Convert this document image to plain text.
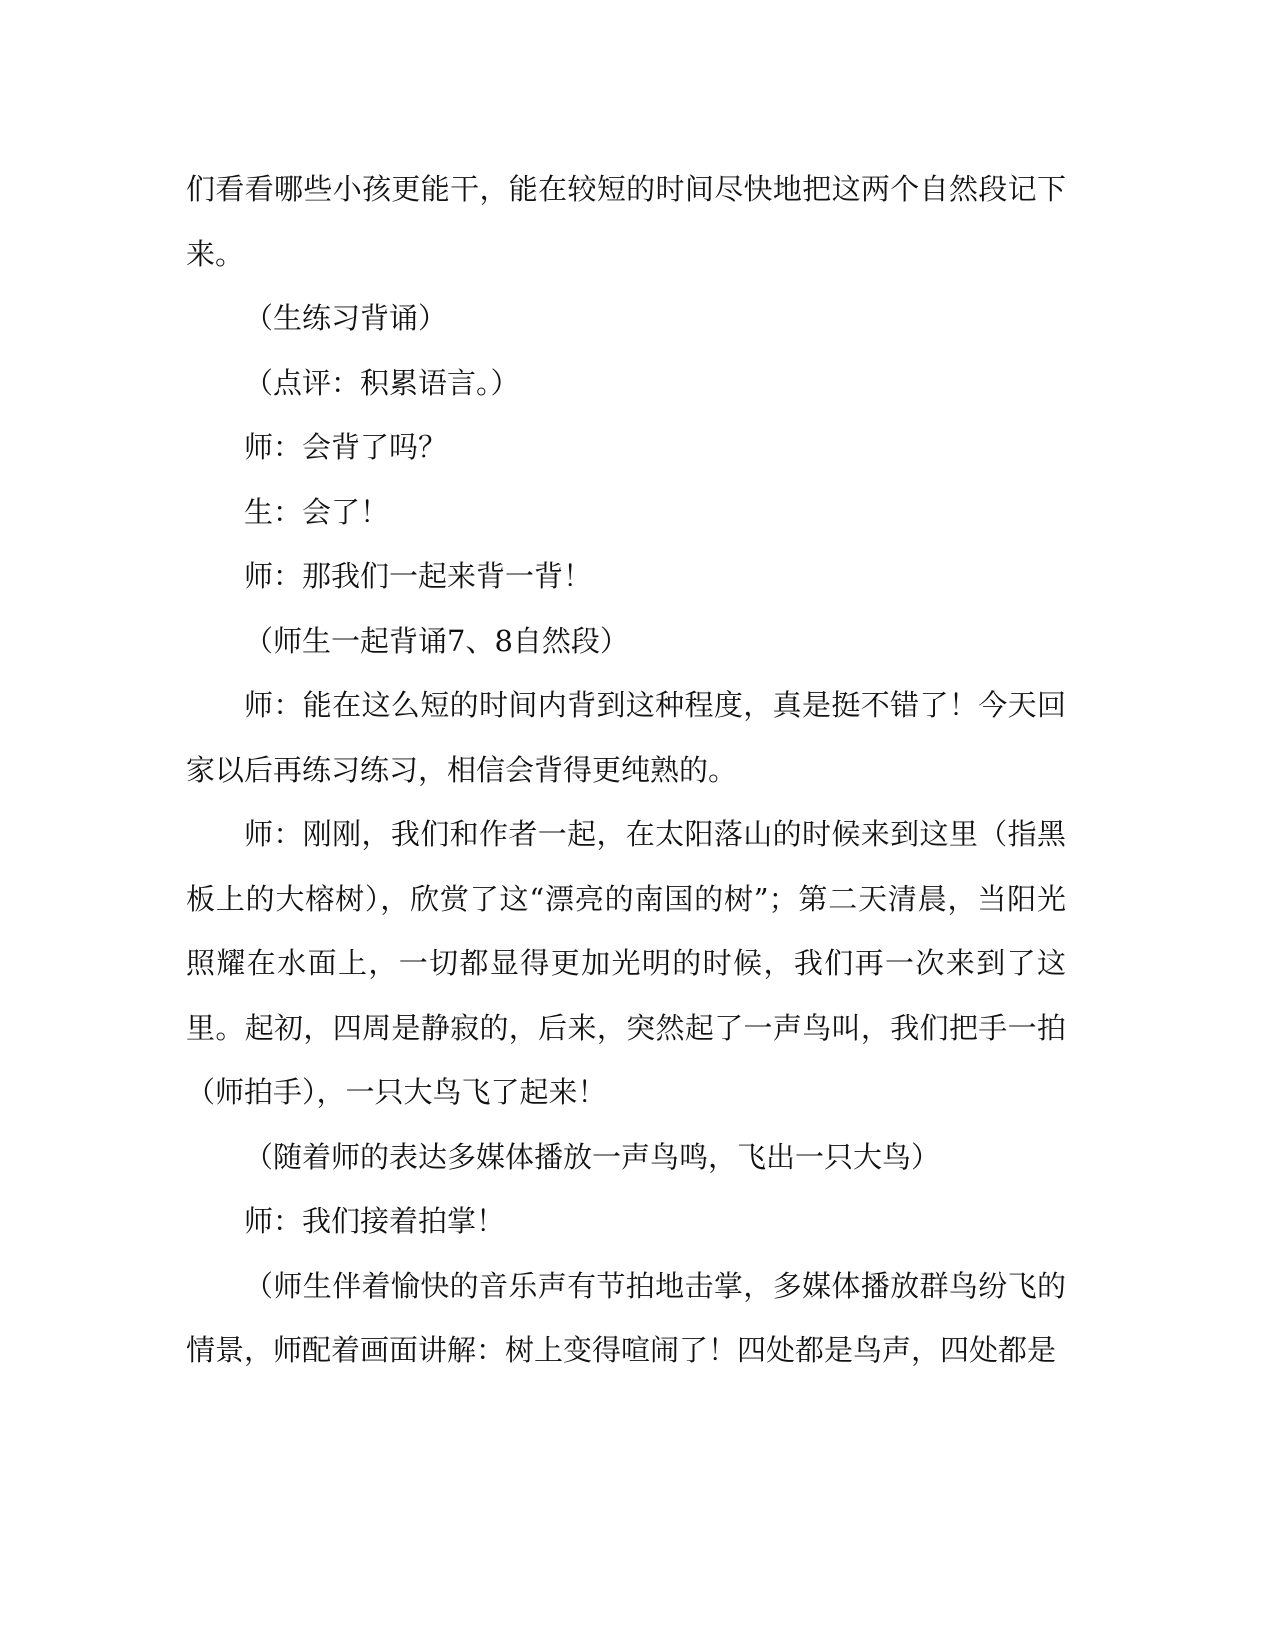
们看看哪些小孩更能干，能在较短的时间尽快地把这两个自然段记下来。

（生练习背诵）

（点评：积累语言。）

师：会背了吗？

生：会了！

师：那我们一起来背一背！

（师生一起背诵7、8自然段）

师：能在这么短的时间内背到这种程度，真是挺不错了！今天回家以后再练习练习，相信会背得更纯熟的。

师：刚刚，我们和作者一起，在太阳落山的时候来到这里（指黑板上的大榕树），欣赏了这“漂亮的南国的树”；第二天清晨，当阳光照耀在水面上，一切都显得更加光明的时候，我们再一次来到了这里。起初，四周是静寂的，后来，突然起了一声鸟叫，我们把手一拍（师拍手），一只大鸟飞了起来！

（随着师的表达多媒体播放一声鸟鸣，飞出一只大鸟）

师：我们接着拍掌！

（师生伴着愉快的音乐声有节拍地击掌，多媒体播放群鸟纷飞的情景，师配着画面讲解：树上变得喧闹了！四处都是鸟声，四处都是
